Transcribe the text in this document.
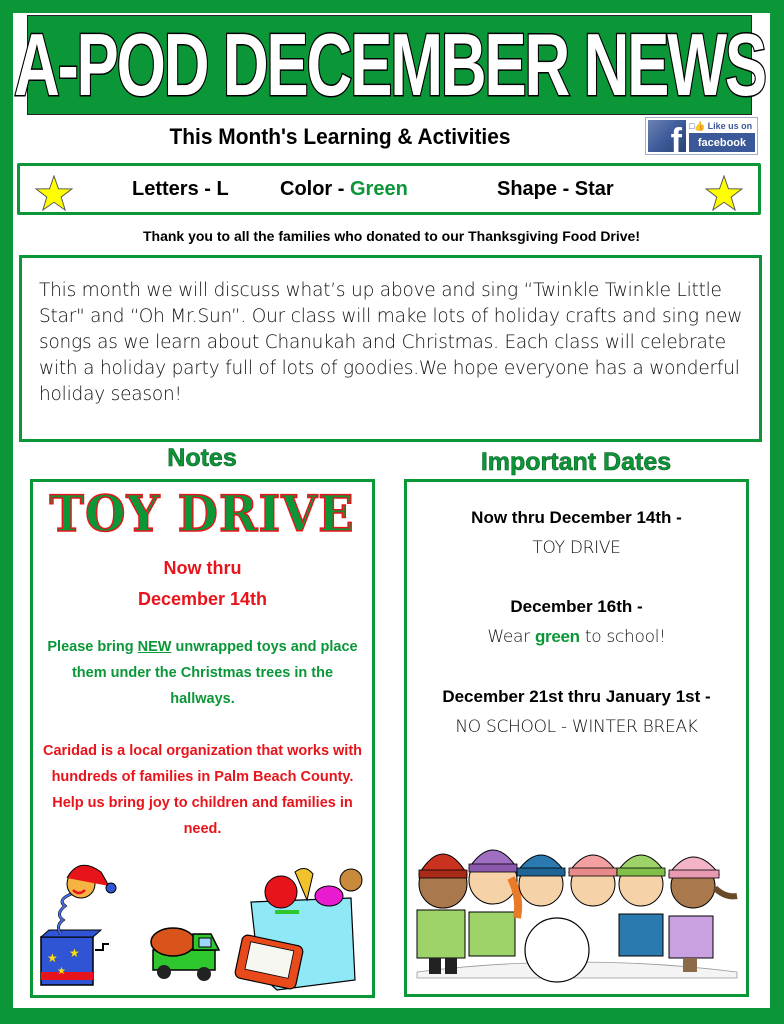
A-POD DECEMBER NEWS
This Month's Learning & Activities	f □👍 Like us on
facebook
Letters - L	Color - Green	Shape - Star
Thank you to all the families who donated to our Thanksgiving Food Drive!

This month we will discuss what’s up above and sing “Twinkle Twinkle Little Star" and “Oh Mr.Sun”. Our class will make lots of holiday crafts and sing new songs as we learn about Chanukah and Christmas. Each class will celebrate with a holiday party full of lots of goodies.We hope everyone has a wonderful holiday season!

Notes	Important Dates
TOY DRIVE
Now thru
December 14th
Please bring NEW unwrapped toys and place them under the Christmas trees in the hallways.
Caridad is a local organization that works with hundreds of families in Palm Beach County. Help us bring joy to children and families in need.
★ ★
★
Now thru December 14th -
TOY DRIVE
December 16th -
Wear green to school!
December 21st thru January 1st -
NO SCHOOL - WINTER BREAK
